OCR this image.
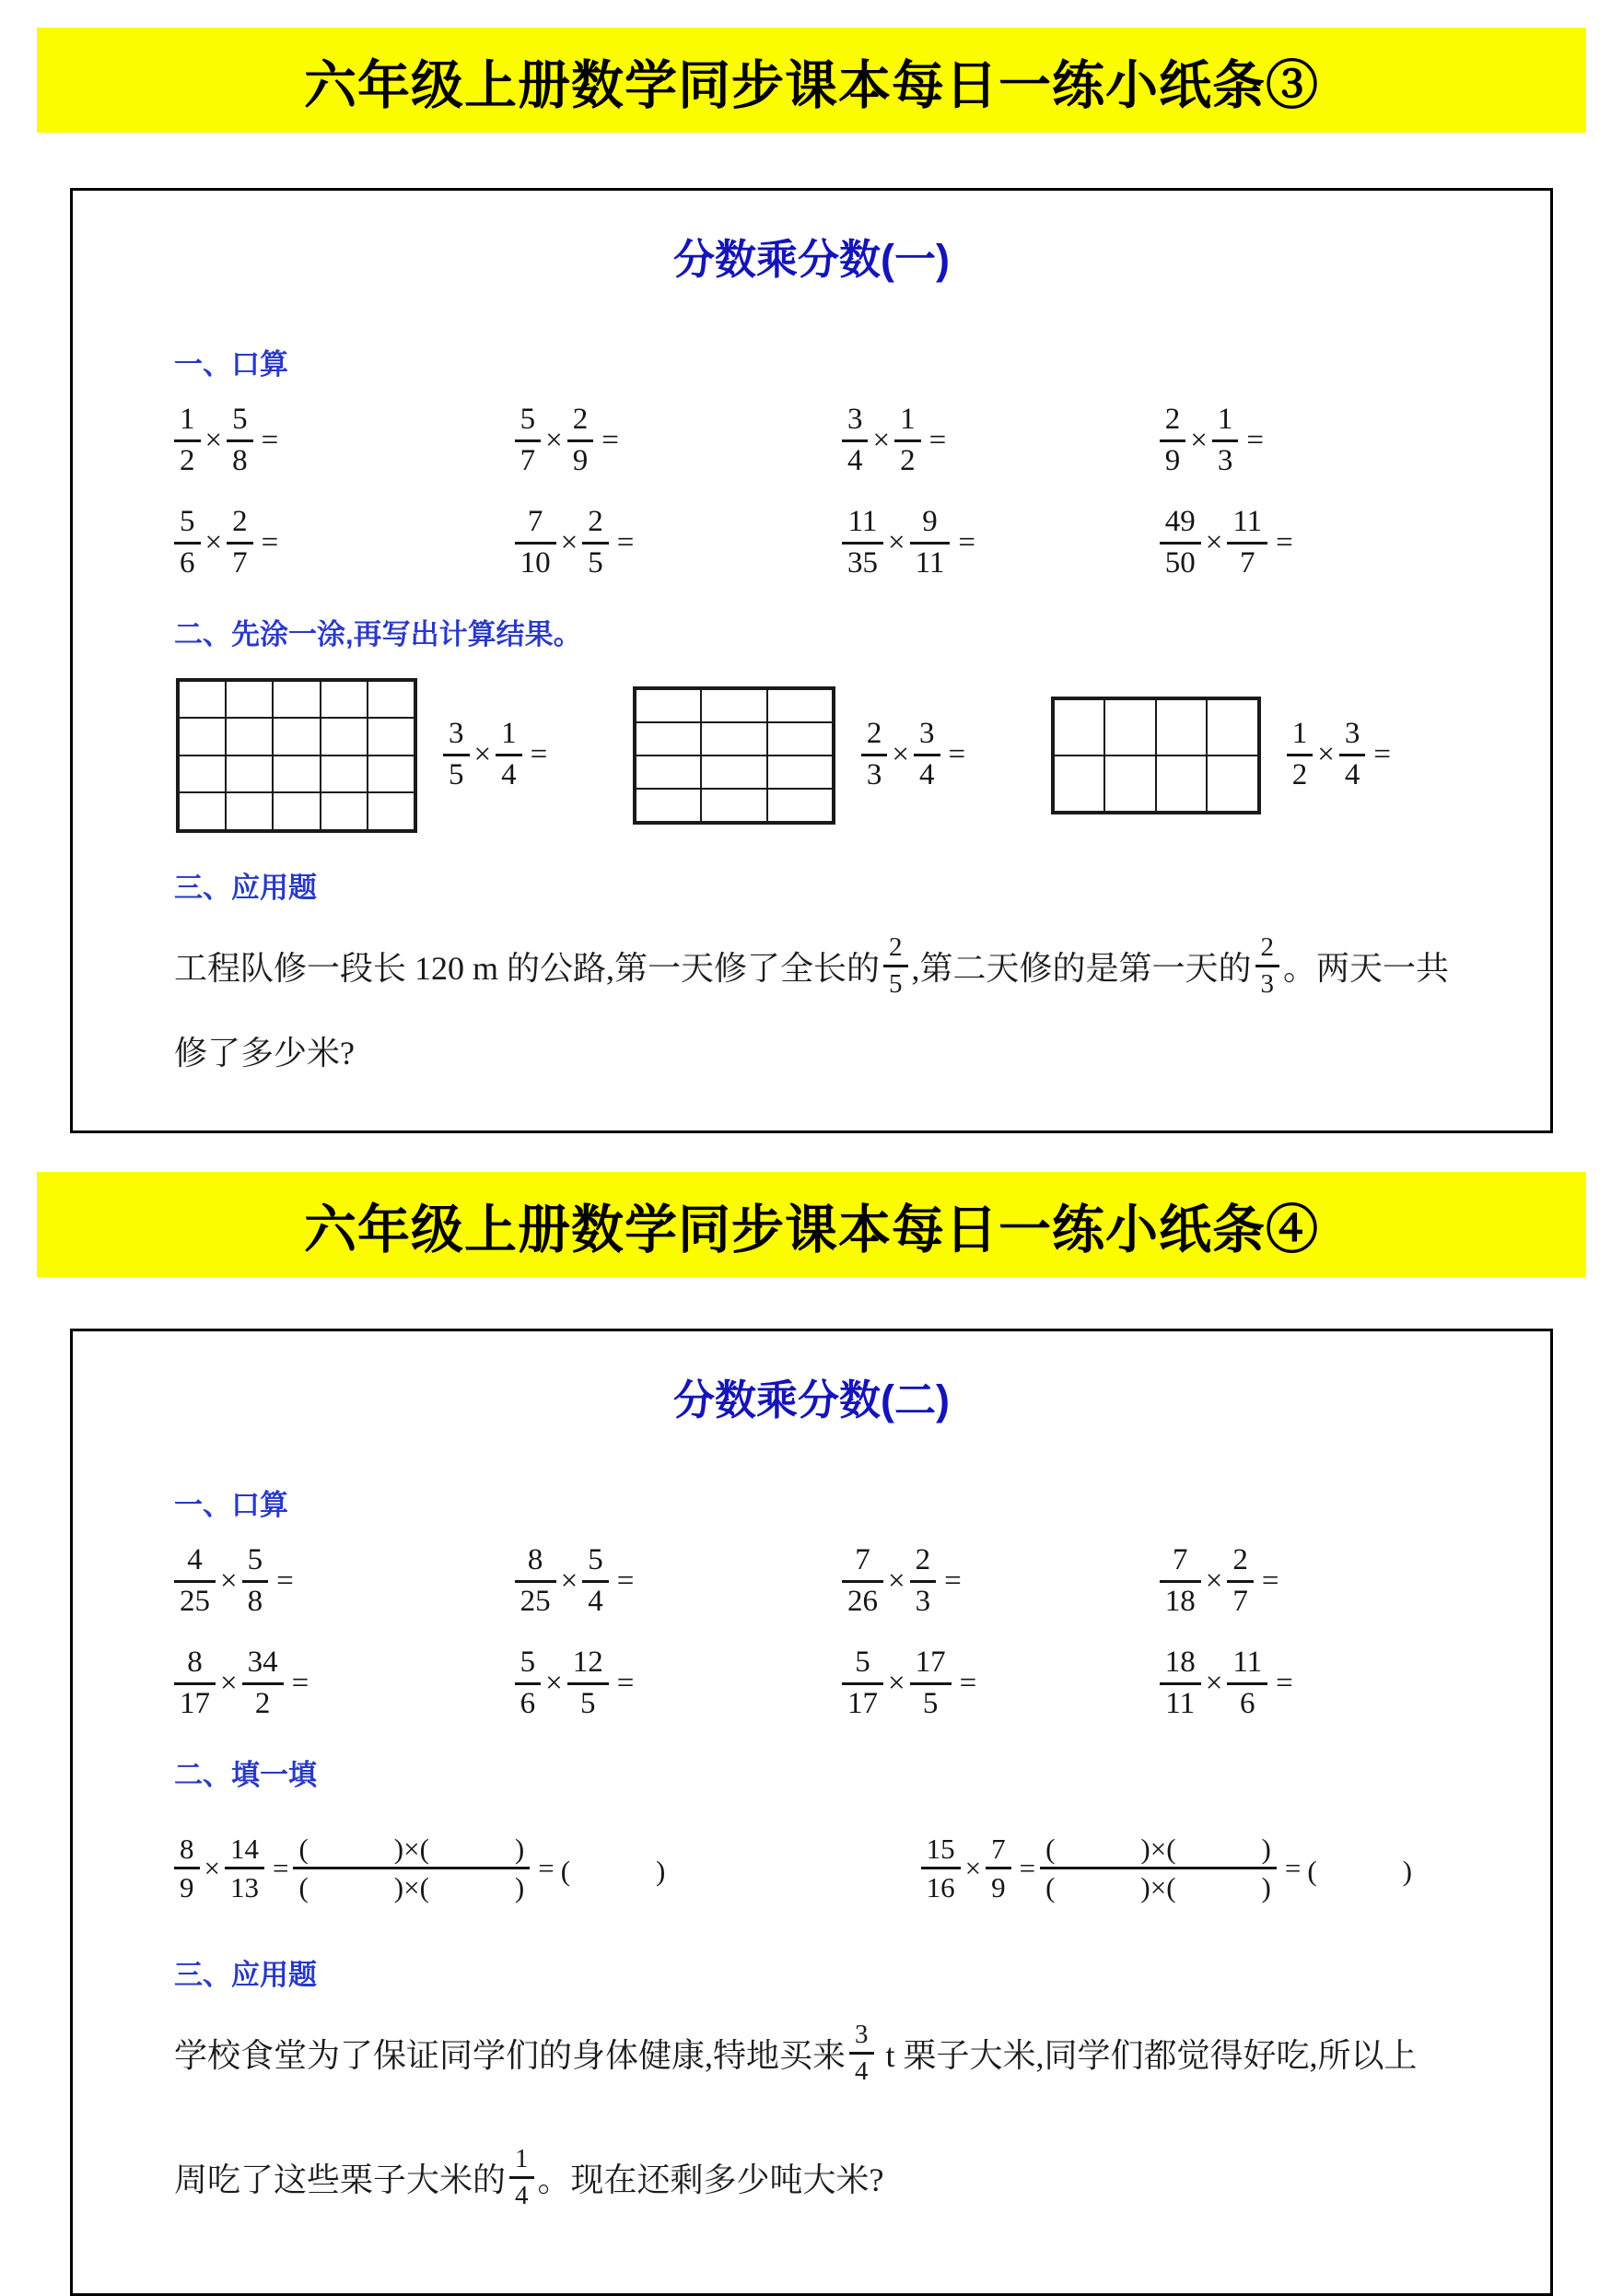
六年级上册数学同步课本每日一练小纸条③
分数乘分数(一)
一、口算
$\frac{1}{2} \times \frac{5}{8}$ =	$\frac{5}{7} \times \frac{2}{9}$ =	$\frac{3}{4} \times \frac{1}{2}$ =	$\frac{2}{9} \times \frac{1}{3}$ =
$\frac{5}{6} \times \frac{2}{7}$ =	$\frac{7}{10} \times \frac{2}{5}$ =	$\frac{11}{35} \times \frac{9}{11}$ =	$\frac{49}{50} \times \frac{11}{7}$ =
二、先涂一涂,再写出计算结果。
$\frac{3}{5} \times \frac{1}{4}$ =	$\frac{2}{3} \times \frac{3}{4}$ =	$\frac{1}{2} \times \frac{3}{4}$ =
三、应用题
工程队修一段长 120 m 的公路,第一天修了全长的 $\frac{2}{5}$ ,第二天修的是第一天的 $\frac{2}{3}$ 。两天一共
修了多少米?
六年级上册数学同步课本每日一练小纸条④
分数乘分数(二)
一、口算
$\frac{4}{25} \times \frac{5}{8}$ =	$\frac{8}{25} \times \frac{5}{4}$ =	$\frac{7}{26} \times \frac{2}{3}$ =	$\frac{7}{18} \times \frac{2}{7}$ =
$\frac{8}{17} \times \frac{34}{2}$ =	$\frac{5}{6} \times \frac{12}{5}$ =	$\frac{5}{17} \times \frac{17}{5}$ =	$\frac{18}{11} \times \frac{11}{6}$ =
二、填一填
$\frac{8}{9} \times \frac{14}{13} = \frac{( )\times( )}{( )\times( )}$ = (　　　)	$\frac{15}{16} \times \frac{7}{9} = \frac{( )\times( )}{( )\times( )}$ = (　　　)
三、应用题
学校食堂为了保证同学们的身体健康,特地买来 $\frac{3}{4}$ t 栗子大米,同学们都觉得好吃,所以上
周吃了这些栗子大米的 $\frac{1}{4}$ 。现在还剩多少吨大米?
